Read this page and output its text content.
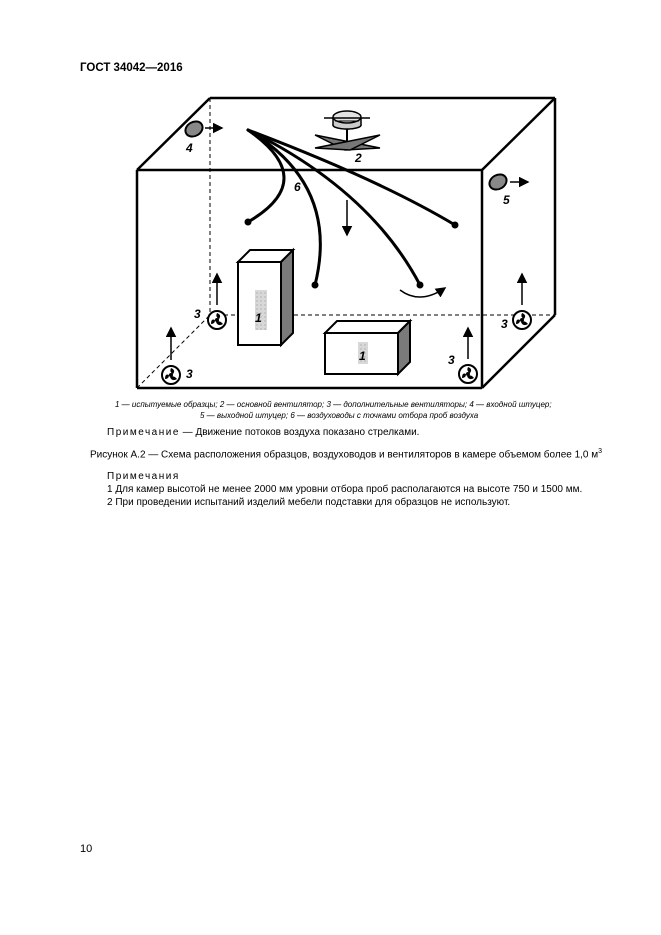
ГОСТ 34042—2016
4
5
2
6
1
1
3
3
3
3
1 — испытуемые образцы; 2 — основной вентилятор; 3 — дополнительные вентиляторы; 4 — входной штуцер;
5 — выходной штуцер; 6 — воздуховоды с точками отбора проб воздуха
Примечание — Движение потоков воздуха показано стрелками.
Рисунок А.2 — Схема расположения образцов, воздуховодов и вентиляторов в камере объемом более 1,0 $м^3$
Примечания
1 Для камер высотой не менее 2000 мм уровни отбора проб располагаются на высоте 750 и 1500 мм.
2 При проведении испытаний изделий мебели подставки для образцов не используют.
10
